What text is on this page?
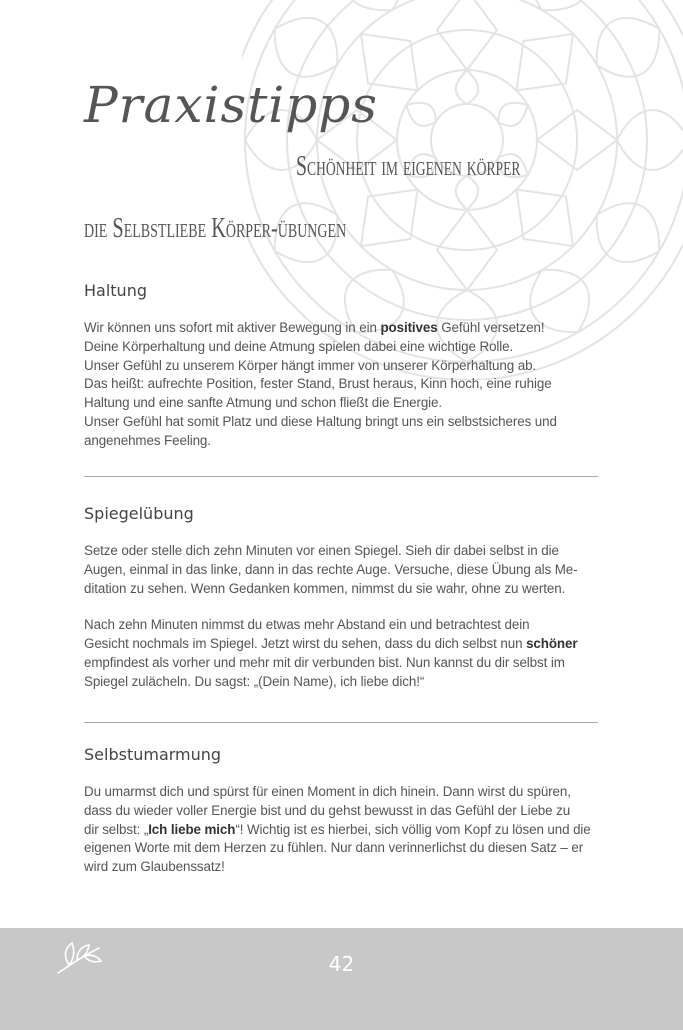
Praxistipps
Schönheit im eigenen körper
die Selbstliebe Körper-übungen
Haltung

Wir können uns sofort mit aktiver Bewegung in ein positives Gefühl versetzen!
Deine Körperhaltung und deine Atmung spielen dabei eine wichtige Rolle.
Unser Gefühl zu unserem Körper hängt immer von unserer Körperhaltung ab.
Das heißt: aufrechte Position, fester Stand, Brust heraus, Kinn hoch, eine ruhige
Haltung und eine sanfte Atmung und schon fließt die Energie.
Unser Gefühl hat somit Platz und diese Haltung bringt uns ein selbstsicheres und
angenehmes Feeling.

Spiegelübung

Setze oder stelle dich zehn Minuten vor einen Spiegel. Sieh dir dabei selbst in die
Augen, einmal in das linke, dann in das rechte Auge. Versuche, diese Übung als Me-
ditation zu sehen. Wenn Gedanken kommen, nimmst du sie wahr, ohne zu werten.

Nach zehn Minuten nimmst du etwas mehr Abstand ein und betrachtest dein
Gesicht nochmals im Spiegel. Jetzt wirst du sehen, dass du dich selbst nun schöner
empfindest als vorher und mehr mit dir verbunden bist. Nun kannst du dir selbst im
Spiegel zulächeln. Du sagst: „(Dein Name), ich liebe dich!“

Selbstumarmung

Du umarmst dich und spürst für einen Moment in dich hinein. Dann wirst du spüren,
dass du wieder voller Energie bist und du gehst bewusst in das Gefühl der Liebe zu
dir selbst: „Ich liebe mich“! Wichtig ist es hierbei, sich völlig vom Kopf zu lösen und die
eigenen Worte mit dem Herzen zu fühlen. Nur dann verinnerlichst du diesen Satz – er
wird zum Glaubenssatz!

42
